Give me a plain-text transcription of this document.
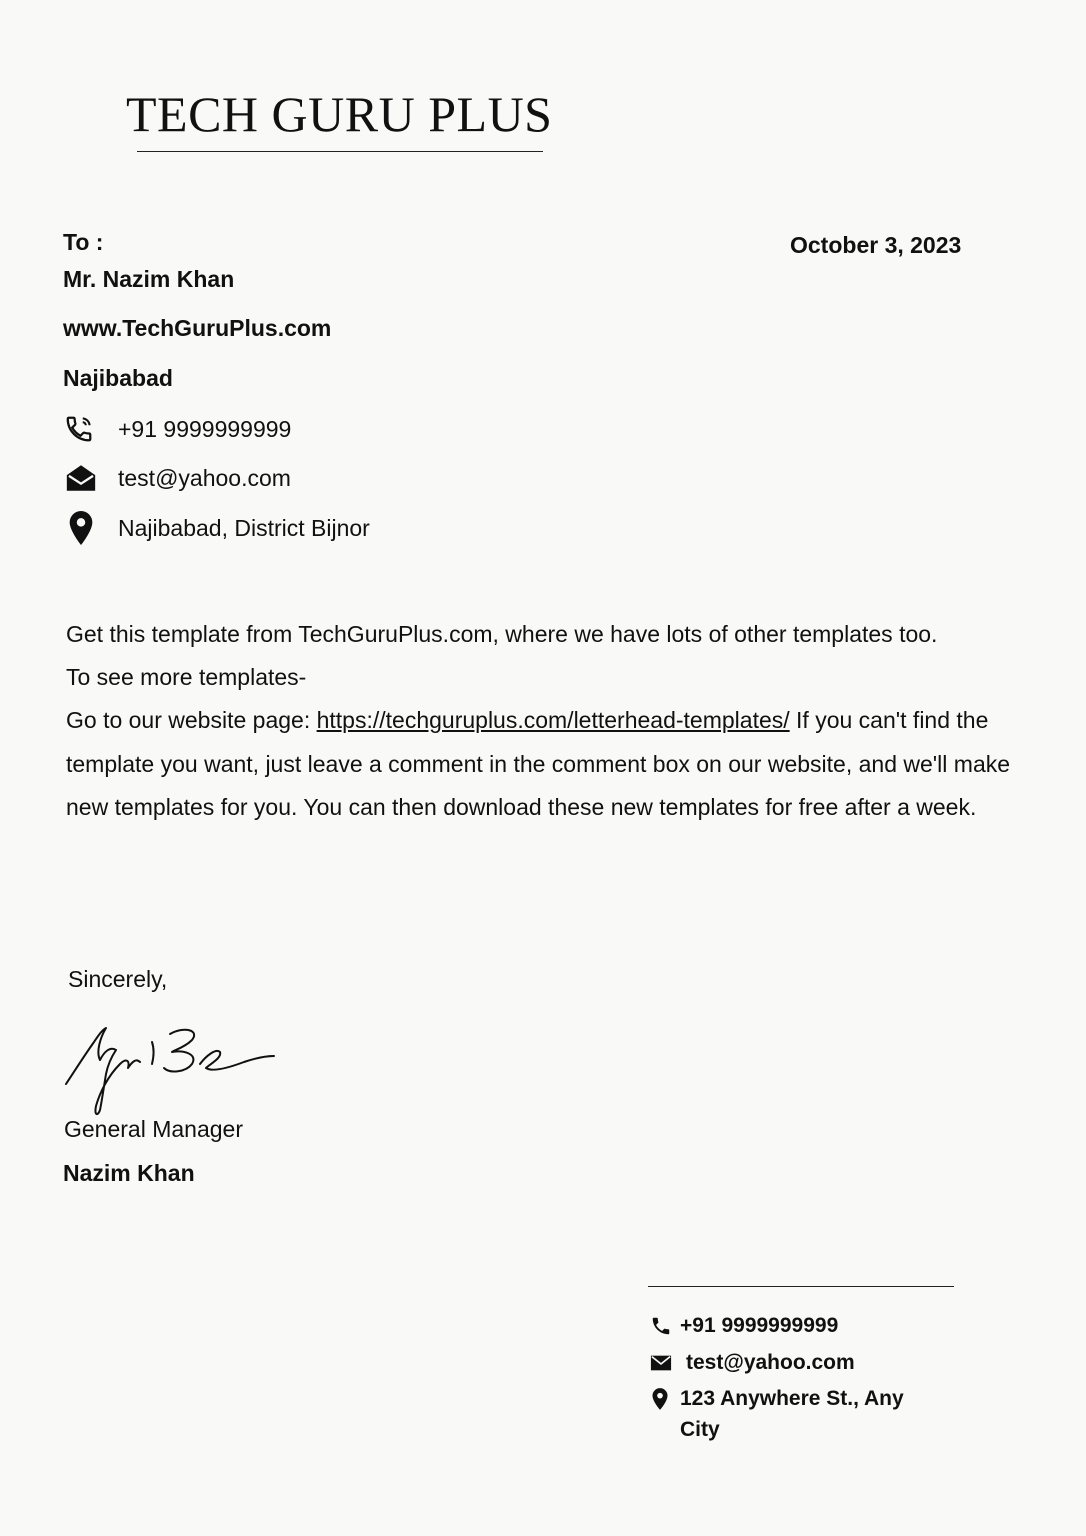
TECH GURU PLUS
To :	October 3, 2023
Mr. Nazim Khan
www.TechGuruPlus.com
Najibabad
+91 9999999999
test@yahoo.com
Najibabad, District Bijnor

Get this template from TechGuruPlus.com, where we have lots of other templates too.

To see more templates-

Go to our website page: https://techguruplus.com/letterhead-templates/ If you can't find the template you want, just leave a comment in the comment box on our website, and we'll make new templates for you. You can then download these new templates for free after a week.

Sincerely,
General Manager
Nazim Khan
+91 9999999999
test@yahoo.com
123 Anywhere St., Any City
